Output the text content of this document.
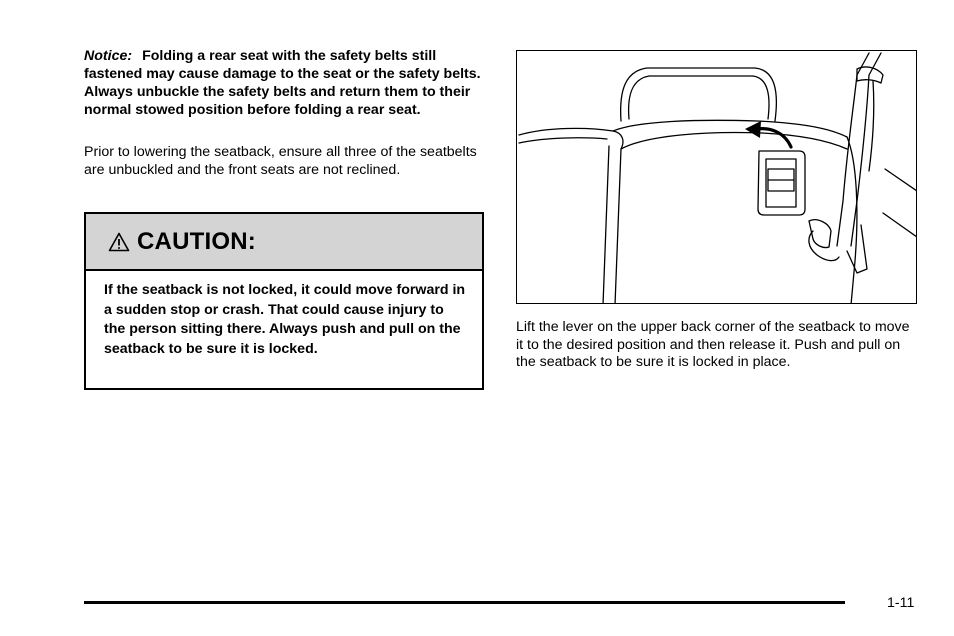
Notice: Folding a rear seat with the safety belts still fastened may cause damage to the seat or the safety belts. Always unbuckle the safety belts and return them to their normal stowed position before folding a rear seat.

Prior to lowering the seatback, ensure all three of the seatbelts are unbuckled and the front seats are not reclined.

CAUTION:

If the seatback is not locked, it could move forward in a sudden stop or crash. That could cause injury to the person sitting there. Always push and pull on the seatback to be sure it is locked.

Lift the lever on the upper back corner of the seatback to move it to the desired position and then release it. Push and pull on the seatback to be sure it is locked in place.

1-11
